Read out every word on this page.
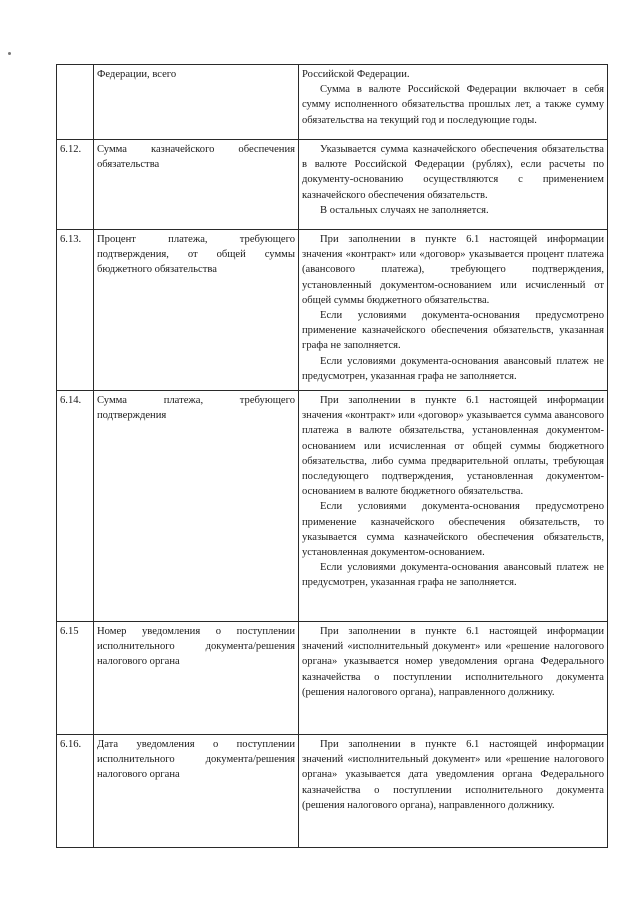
	Федерации, всего	Российской Федерации.

Сумма в валюте Российской Федерации включает в себя сумму исполненного обязательства прошлых лет, а также сумму обязательства на текущий год и последующие годы.

6.12.	Сумма казначейского обеспечения обязательства	Указывается сумма казначейского обеспечения обязательства в валюте Российской Федерации (рублях), если расчеты по документу-основанию осуществляются с применением казначейского обеспечения обязательств.

В остальных случаях не заполняется.

6.13.	Процент платежа, требующего подтверждения, от общей суммы бюджетного обязательства	При заполнении в пункте 6.1 настоящей информации значения «контракт» или «договор» указывается процент платежа (авансового платежа), требующего подтверждения, установленный документом-основанием или исчисленный от общей суммы бюджетного обязательства.

Если условиями документа-основания предусмотрено применение казначейского обеспечения обязательств, указанная графа не заполняется.

Если условиями документа-основания авансовый платеж не предусмотрен, указанная графа не заполняется.

6.14.	Сумма платежа, требующего подтверждения	При заполнении в пункте 6.1 настоящей информации значения «контракт» или «договор» указывается сумма авансового платежа в валюте обязательства, установленная документом-основанием или исчисленная от общей суммы бюджетного обязательства, либо сумма предварительной оплаты, требующая последующего подтверждения, установленная документом-основанием в валюте бюджетного обязательства.

Если условиями документа-основания предусмотрено применение казначейского обеспечения обязательств, то указывается сумма казначейского обеспечения обязательств, установленная документом-основанием.

Если условиями документа-основания авансовый платеж не предусмотрен, указанная графа не заполняется.

6.15	Номер уведомления о поступлении исполнительного документа/решения налогового органа	При заполнении в пункте 6.1 настоящей информации значений «исполнительный документ» или «решение налогового органа» указывается номер уведомления органа Федерального казначейства о поступлении исполнительного документа (решения налогового органа), направленного должнику.

6.16.	Дата уведомления о поступлении исполнительного документа/решения налогового органа	При заполнении в пункте 6.1 настоящей информации значений «исполнительный документ» или «решение налогового органа» указывается дата уведомления органа Федерального казначейства о поступлении исполнительного документа (решения налогового органа), направленного должнику.
